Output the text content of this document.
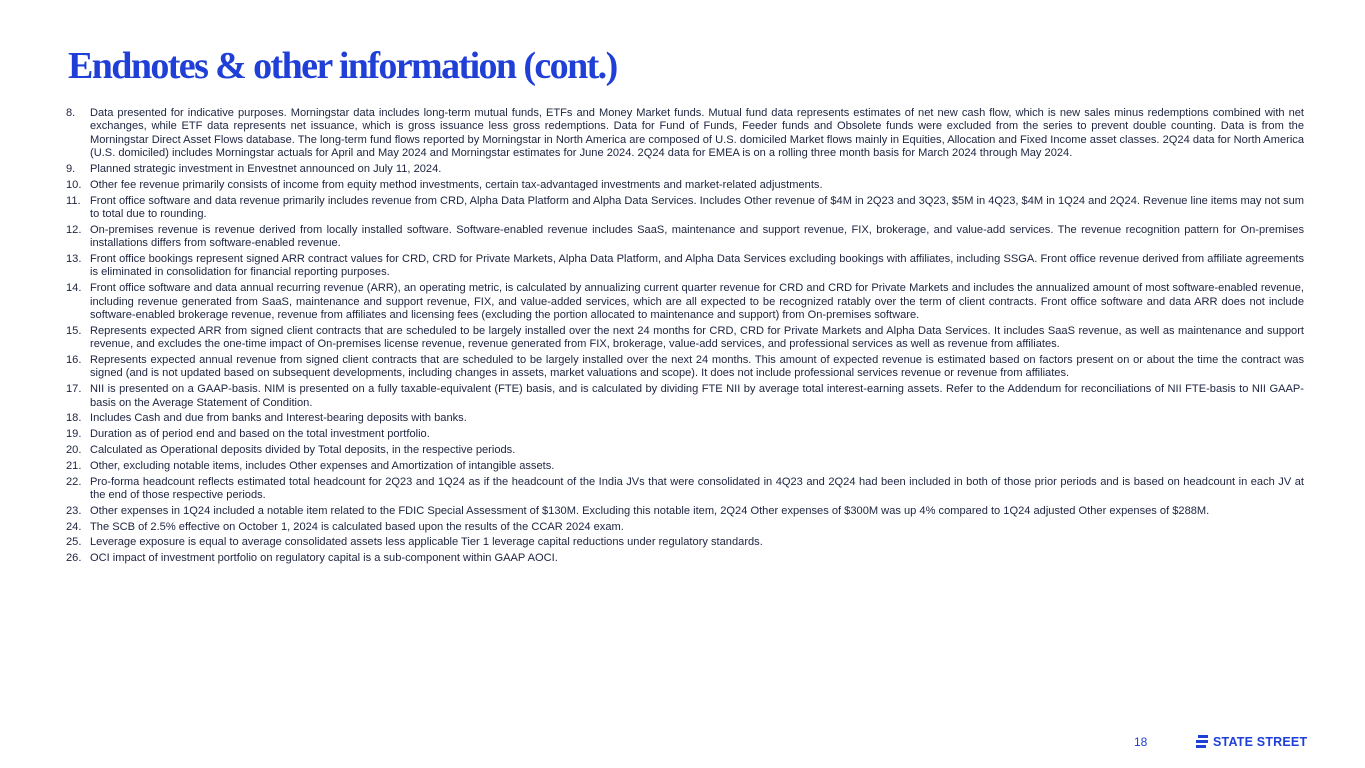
Endnotes & other information (cont.)
8.	Data presented for indicative purposes. Morningstar data includes long-term mutual funds, ETFs and Money Market funds. Mutual fund data represents estimates of net new cash flow, which is new sales minus redemptions combined with net exchanges, while ETF data represents net issuance, which is gross issuance less gross redemptions. Data for Fund of Funds, Feeder funds and Obsolete funds were excluded from the series to prevent double counting. Data is from the Morningstar Direct Asset Flows database. The long-term fund flows reported by Morningstar in North America are composed of U.S. domiciled Market flows mainly in Equities, Allocation and Fixed Income asset classes. 2Q24 data for North America (U.S. domiciled) includes Morningstar actuals for April and May 2024 and Morningstar estimates for June 2024. 2Q24 data for EMEA is on a rolling three month basis for March 2024 through May 2024.
9.	Planned strategic investment in Envestnet announced on July 11, 2024.
10. Other fee revenue primarily consists of income from equity method investments, certain tax-advantaged investments and market-related adjustments.
11. Front office software and data revenue primarily includes revenue from CRD, Alpha Data Platform and Alpha Data Services. Includes Other revenue of $4M in 2Q23 and 3Q23, $5M in 4Q23, $4M in 1Q24 and 2Q24. Revenue line items may not sum to total due to rounding.
12. On-premises revenue is revenue derived from locally installed software. Software-enabled revenue includes SaaS, maintenance and support revenue, FIX, brokerage, and value-add services. The revenue recognition pattern for On-premises installations differs from software-enabled revenue.
13. Front office bookings represent signed ARR contract values for CRD, CRD for Private Markets, Alpha Data Platform, and Alpha Data Services excluding bookings with affiliates, including SSGA. Front office revenue derived from affiliate agreements is eliminated in consolidation for financial reporting purposes.
14. Front office software and data annual recurring revenue (ARR), an operating metric, is calculated by annualizing current quarter revenue for CRD and CRD for Private Markets and includes the annualized amount of most software-enabled revenue, including revenue generated from SaaS, maintenance and support revenue, FIX, and value-added services, which are all expected to be recognized ratably over the term of client contracts. Front office software and data ARR does not include software-enabled brokerage revenue, revenue from affiliates and licensing fees (excluding the portion allocated to maintenance and support) from On-premises software.
15. Represents expected ARR from signed client contracts that are scheduled to be largely installed over the next 24 months for CRD, CRD for Private Markets and Alpha Data Services. It includes SaaS revenue, as well as maintenance and support revenue, and excludes the one-time impact of On-premises license revenue, revenue generated from FIX, brokerage, value-add services, and professional services as well as revenue from affiliates.
16. Represents expected annual revenue from signed client contracts that are scheduled to be largely installed over the next 24 months. This amount of expected revenue is estimated based on factors present on or about the time the contract was signed (and is not updated based on subsequent developments, including changes in assets, market valuations and scope). It does not include professional services revenue or revenue from affiliates.
17. NII is presented on a GAAP-basis. NIM is presented on a fully taxable-equivalent (FTE) basis, and is calculated by dividing FTE NII by average total interest-earning assets. Refer to the Addendum for reconciliations of NII FTE-basis to NII GAAP-basis on the Average Statement of Condition.
18. Includes Cash and due from banks and Interest-bearing deposits with banks.
19. Duration as of period end and based on the total investment portfolio.
20. Calculated as Operational deposits divided by Total deposits, in the respective periods.
21. Other, excluding notable items, includes Other expenses and Amortization of intangible assets.
22. Pro-forma headcount reflects estimated total headcount for 2Q23 and 1Q24 as if the headcount of the India JVs that were consolidated in 4Q23 and 2Q24 had been included in both of those prior periods and is based on headcount in each JV at the end of those respective periods.
23. Other expenses in 1Q24 included a notable item related to the FDIC Special Assessment of $130M. Excluding this notable item, 2Q24 Other expenses of $300M was up 4% compared to 1Q24 adjusted Other expenses of $288M.
24. The SCB of 2.5% effective on October 1, 2024 is calculated based upon the results of the CCAR 2024 exam.
25. Leverage exposure is equal to average consolidated assets less applicable Tier 1 leverage capital reductions under regulatory standards.
26. OCI impact of investment portfolio on regulatory capital is a sub-component within GAAP AOCI.
18	STATE STREET
